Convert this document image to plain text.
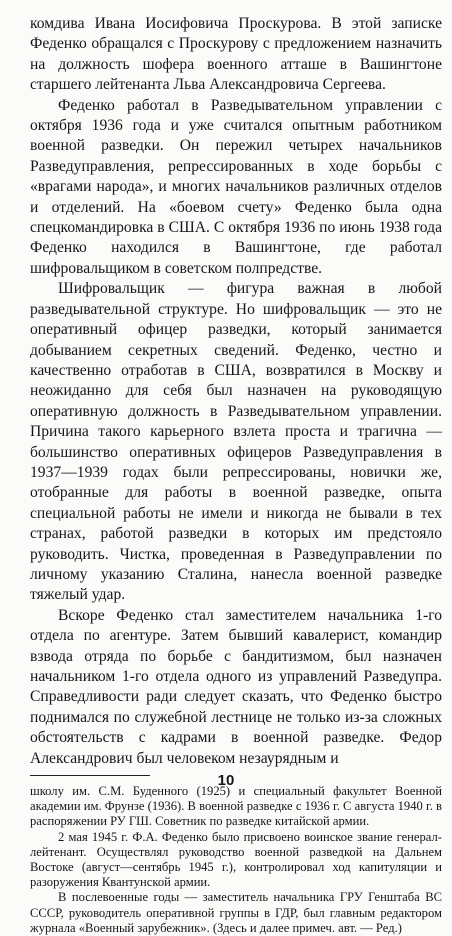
комдива Ивана Иосифовича Проскурова. В этой записке Феденко обращался с Проскурову с предложением назначить на должность шофера военного атташе в Вашингтоне старшего лейтенанта Льва Александровича Сергеева.

Феденко работал в Разведывательном управлении с октября 1936 года и уже считался опытным работником военной разведки. Он пережил четырех начальников Разведуправления, репрессированных в ходе борьбы с «врагами народа», и многих начальников различных отделов и отделений. На «боевом счету» Феденко была одна спецкомандировка в США. С октября 1936 по июнь 1938 года Феденко находился в Вашингтоне, где работал шифровальщиком в советском полпредстве.

Шифровальщик — фигура важная в любой разведывательной структуре. Но шифровальщик — это не оперативный офицер разведки, который занимается добыванием секретных сведений. Феденко, честно и качественно отработав в США, возвратился в Москву и неожиданно для себя был назначен на руководящую оперативную должность в Разведывательном управлении. Причина такого карьерного взлета проста и трагична — большинство оперативных офицеров Разведуправления в 1937—1939 годах были репрессированы, новички же, отобранные для работы в военной разведке, опыта специальной работы не имели и никогда не бывали в тех странах, работой разведки в которых им предстояло руководить. Чистка, проведенная в Разведуправлении по личному указанию Сталина, нанесла военной разведке тяжелый удар.

Вскоре Феденко стал заместителем начальника 1-го отдела по агентуре. Затем бывший кавалерист, командир взвода отряда по борьбе с бандитизмом, был назначен начальником 1-го отдела одного из управлений Разведупра. Справедливости ради следует сказать, что Феденко быстро поднимался по служебной лестнице не только из-за сложных обстоятельств с кадрами в военной разведке. Федор Александрович был человеком незаурядным и

школу им. С.М. Буденного (1925) и специальный факультет Военной академии им. Фрунзе (1936). В военной разведке с 1936 г. С августа 1940 г. в распоряжении РУ ГШ. Советник по разведке китайской армии.

2 мая 1945 г. Ф.А. Феденко было присвоено воинское звание генерал-лейтенант. Осуществлял руководство военной разведкой на Дальнем Востоке (август—сентябрь 1945 г.), контролировал ход капитуляции и разоружения Квантунской армии.

В послевоенные годы — заместитель начальника ГРУ Генштаба ВС СССР, руководитель оперативной группы в ГДР, был главным редактором журнала «Военный зарубежник». (Здесь и далее примеч. авт. — Ред.)

10
